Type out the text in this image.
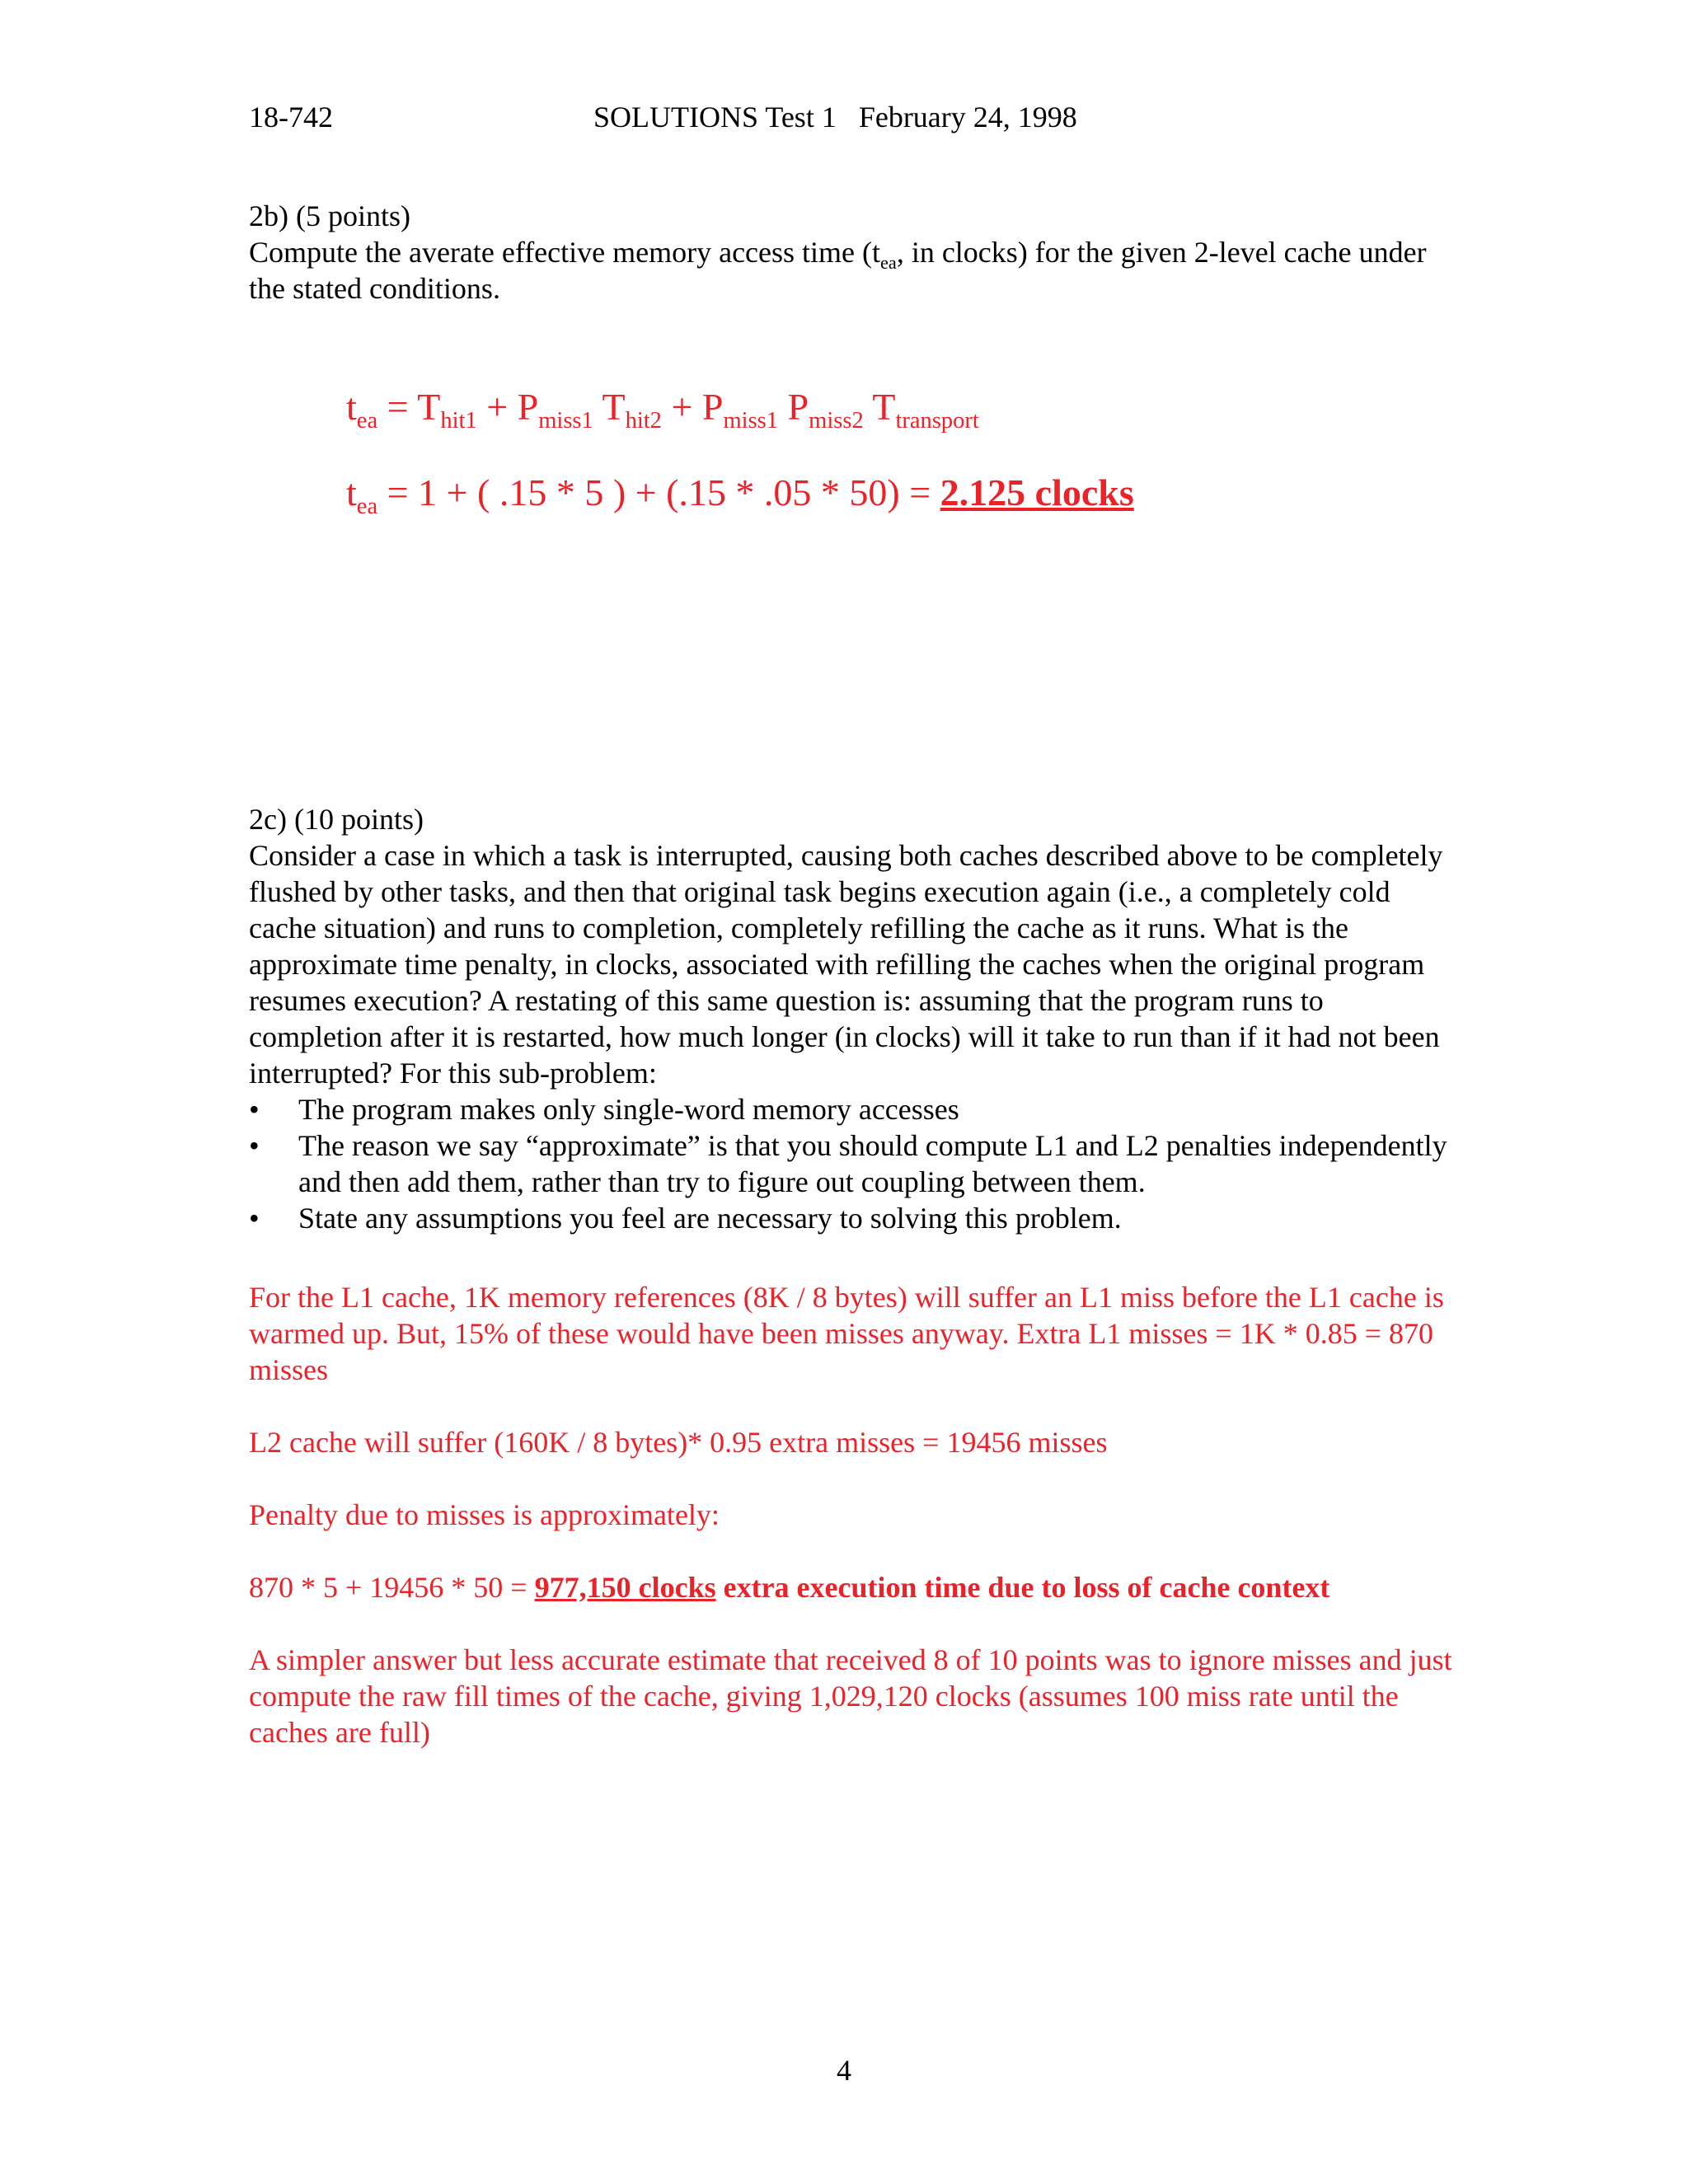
18-742	SOLUTIONS Test 1   February 24, 1998
2b) (5 points)
Compute the averate effective memory access time ($t_{ea}$, in clocks) for the given 2-level cache under the stated conditions.
$t_{ea} = T_{hit1} + P_{miss1}$ $T_{hit2} + P_{miss1}$ $P_{miss2}$ $T_{transport}$
$t_{ea} = 1$ + ( .15 * 5 ) + (.15 * .05 * 50) = 2.125 clocks
2c) (10 points)
Consider a case in which a task is interrupted, causing both caches described above to be completely flushed by other tasks, and then that original task begins execution again (i.e., a completely cold cache situation) and runs to completion, completely refilling the cache as it runs. What is the approximate time penalty, in clocks, associated with refilling the caches when the original program resumes execution? A restating of this same question is: assuming that the program runs to completion after it is restarted, how much longer (in clocks) will it take to run than if it had not been interrupted? For this sub-problem:
• The program makes only single-word memory accesses
• The reason we say “approximate” is that you should compute L1 and L2 penalties independently and then add them, rather than try to figure out coupling between them.
• State any assumptions you feel are necessary to solving this problem.
For the L1 cache, 1K memory references (8K / 8 bytes) will suffer an L1 miss before the L1 cache is warmed up. But, 15% of these would have been misses anyway. Extra L1 misses = 1K * 0.85 = 870 misses
L2 cache will suffer (160K / 8 bytes)* 0.95 extra misses = 19456 misses
Penalty due to misses is approximately:
870 * 5 + 19456 * 50 = 977,150 clocks extra execution time due to loss of cache context
A simpler answer but less accurate estimate that received 8 of 10 points was to ignore misses and just compute the raw fill times of the cache, giving 1,029,120 clocks (assumes 100 miss rate until the caches are full)
4
